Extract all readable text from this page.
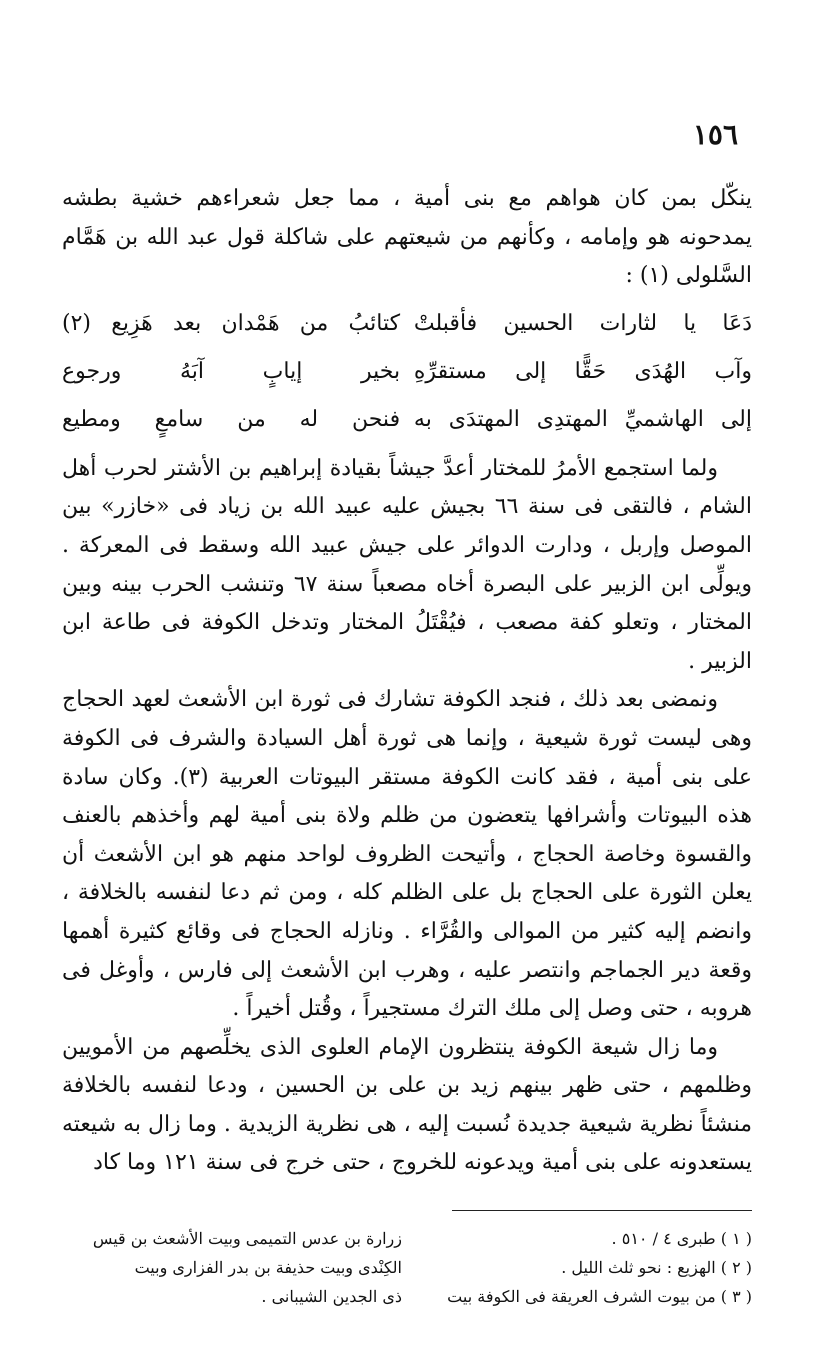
١٥٦

ينكّل بمن كان هواهم مع بنى أمية ، مما جعل شعراءهم خشية بطشه يمدحونه هو وإمامه ، وكأنهم من شيعتهم على شاكلة قول عبد الله بن هَمَّام السَّلولى (١) :

دَعَا يا لثارات الحسين فأقبلتْ
كتائبُ من هَمْدان بعد هَزِيع (٢)
وآب الهُدَى حَقًّا إلى مستقرِّهِ
بخير إيابٍ آبَهُ ورجوع
إلى الهاشميِّ المهتدِى المهتدَى به
فنحن له من سامعٍ ومطيع

ولما استجمع الأمرُ للمختار أعدَّ جيشاً بقيادة إبراهيم بن الأشتر لحرب أهل الشام ، فالتقى فى سنة ٦٦ بجيش عليه عبيد الله بن زياد فى «خازر» بين الموصل وإربل ، ودارت الدوائر على جيش عبيد الله وسقط فى المعركة . ويولِّى ابن الزبير على البصرة أخاه مصعباً سنة ٦٧ وتنشب الحرب بينه وبين المختار ، وتعلو كفة مصعب ، فيُقْتَلُ المختار وتدخل الكوفة فى طاعة ابن الزبير .

ونمضى بعد ذلك ، فنجد الكوفة تشارك فى ثورة ابن الأشعث لعهد الحجاج وهى ليست ثورة شيعية ، وإنما هى ثورة أهل السيادة والشرف فى الكوفة على بنى أمية ، فقد كانت الكوفة مستقر البيوتات العربية (٣). وكان سادة هذه البيوتات وأشرافها يتعضون من ظلم ولاة بنى أمية لهم وأخذهم بالعنف والقسوة وخاصة الحجاج ، وأتيحت الظروف لواحد منهم هو ابن الأشعث أن يعلن الثورة على الحجاج بل على الظلم كله ، ومن ثم دعا لنفسه بالخلافة ، وانضم إليه كثير من الموالى والقُرَّاء . ونازله الحجاج فى وقائع كثيرة أهمها وقعة دير الجماجم وانتصر عليه ، وهرب ابن الأشعث إلى فارس ، وأوغل فى هروبه ، حتى وصل إلى ملك الترك مستجيراً ، وقُتل أخيراً .

وما زال شيعة الكوفة ينتظرون الإمام العلوى الذى يخلِّصهم من الأمويين وظلمهم ، حتى ظهر بينهم زيد بن على بن الحسين ، ودعا لنفسه بالخلافة منشئاً نظرية شيعية جديدة نُسبت إليه ، هى نظرية الزيدية . وما زال به شيعته يستعدونه على بنى أمية ويدعونه للخروج ، حتى خرج فى سنة ١٢١ وما كاد

( ١ ) طبرى ٤ / ٥١٠ .
( ٢ ) الهزيع : نحو ثلث الليل .
( ٣ ) من بيوت الشرف العريقة فى الكوفة بيت
زرارة بن عدس التميمى وبيت الأشعث بن قيس
الكِنْدى وبيت حذيفة بن بدر الفزارى وبيت
ذى الجدين الشيبانى .
